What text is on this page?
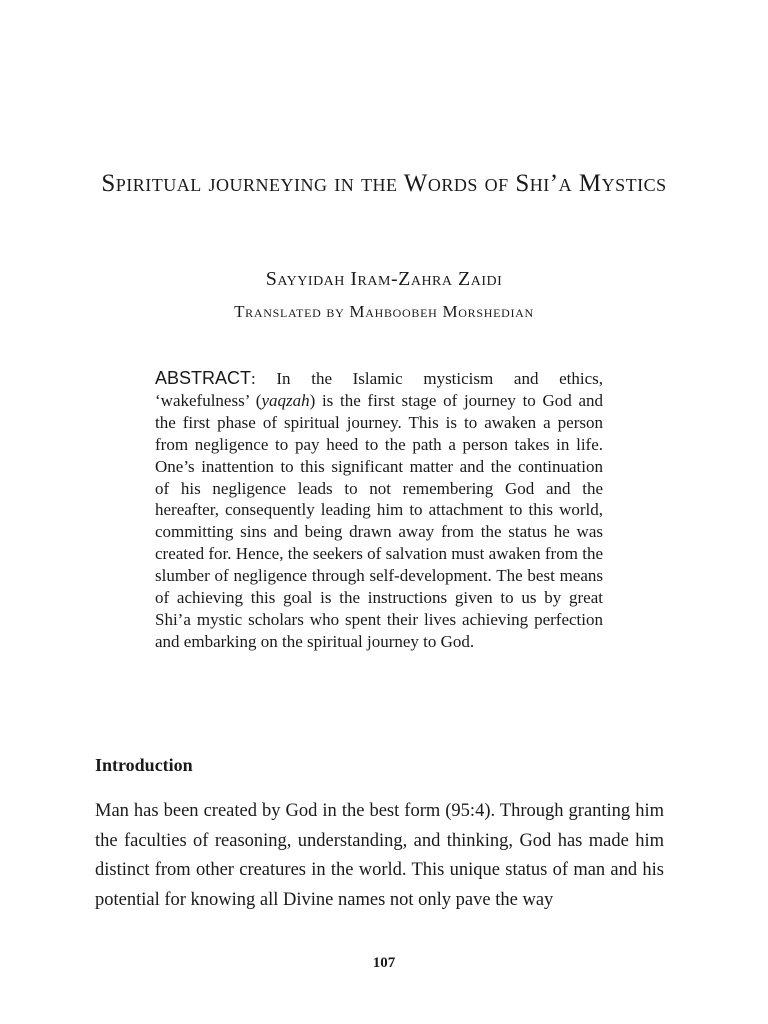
Spiritual journeying in the Words of Shi’a Mystics
Sayyidah Iram-Zahra Zaidi
Translated by Mahboobeh Morshedian
ABSTRACT: In the Islamic mysticism and ethics, ‘wakefulness’ (yaqzah) is the first stage of journey to God and the first phase of spiritual journey. This is to awaken a person from negligence to pay heed to the path a person takes in life. One’s inattention to this significant matter and the continuation of his negligence leads to not remembering God and the hereafter, consequently leading him to attachment to this world, committing sins and being drawn away from the status he was created for. Hence, the seekers of salvation must awaken from the slumber of negligence through self-development. The best means of achieving this goal is the instructions given to us by great Shi’a mystic scholars who spent their lives achieving perfection and embarking on the spiritual journey to God.
Introduction
Man has been created by God in the best form (95:4). Through granting him the faculties of reasoning, understanding, and thinking, God has made him distinct from other creatures in the world. This unique status of man and his potential for knowing all Divine names not only pave the way
107
